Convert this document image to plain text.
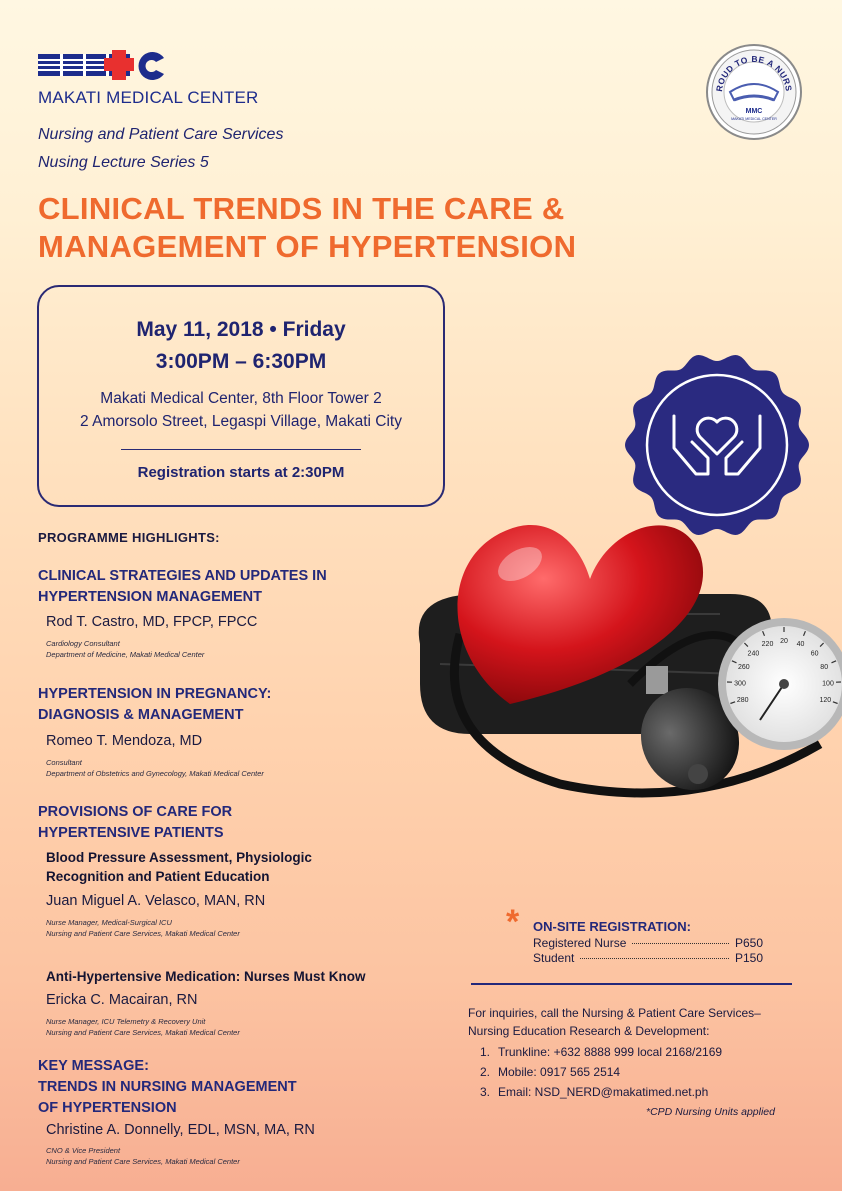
MAKATI MEDICAL CENTER	ROUD TO BE A NURS
MMC
MAKATI MEDICAL CENTER
Nursing and Patient Care Services
Nusing Lecture Series 5
CLINICAL TRENDS IN THE CARE &
MANAGEMENT OF HYPERTENSION
May 11, 2018 • Friday
3:00PM – 6:30PM
Makati Medical Center, 8th Floor Tower 2
2 Amorsolo Street, Legaspi Village, Makati City
Registration starts at 2:30PM
280
300
260
240
220 20 40
60
80
100
120
PROGRAMME HIGHLIGHTS:
CLINICAL STRATEGIES AND UPDATES IN
HYPERTENSION MANAGEMENT
Rod T. Castro, MD, FPCP, FPCC
Cardiology Consultant
Department of Medicine, Makati Medical Center
HYPERTENSION IN PREGNANCY:
DIAGNOSIS & MANAGEMENT
Romeo T. Mendoza, MD
Consultant
Department of Obstetrics and Gynecology, Makati Medical Center
PROVISIONS OF CARE FOR
HYPERTENSIVE PATIENTS
Blood Pressure Assessment, Physiologic
Recognition and Patient Education
Juan Miguel A. Velasco, MAN, RN
Nurse Manager, Medical-Surgical ICU
Nursing and Patient Care Services, Makati Medical Center
Anti-Hypertensive Medication: Nurses Must Know
Ericka C. Macairan, RN
Nurse Manager, ICU Telemetry & Recovery Unit
Nursing and Patient Care Services, Makati Medical Center
KEY MESSAGE:
TRENDS IN NURSING MANAGEMENT
OF HYPERTENSION
Christine A. Donnelly, EDL, MSN, MA, RN
CNO & Vice President
Nursing and Patient Care Services, Makati Medical Center
* ON-SITE REGISTRATION:
Registered Nurse	P650
Student	P150
For inquiries, call the Nursing & Patient Care Services–
Nursing Education Research & Development:
1. Trunkline: +632 8888 999 local 2168/2169
2. Mobile: 0917 565 2514
3. Email: NSD_NERD@makatimed.net.ph
*CPD Nursing Units applied
